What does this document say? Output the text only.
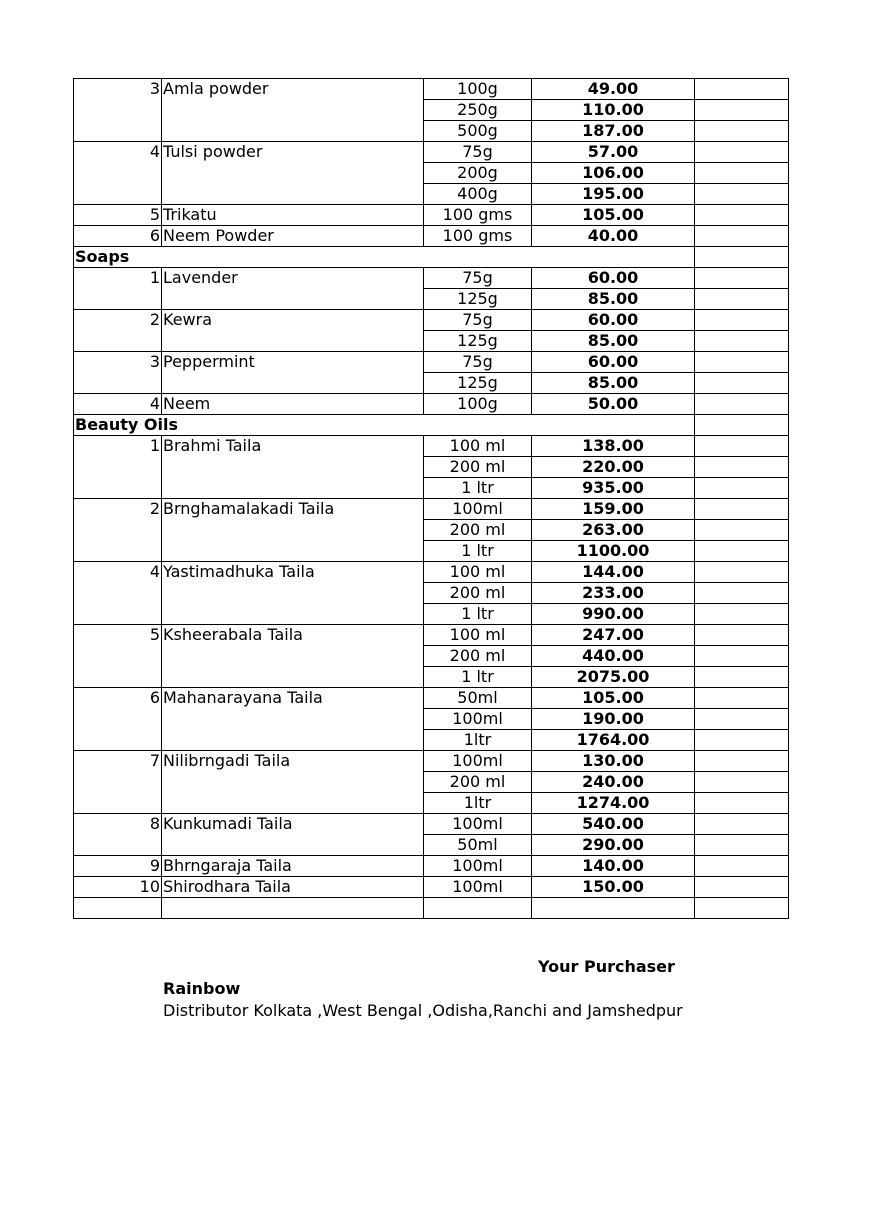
3	Amla powder	100g	49.00	
		250g	110.00	
		500g	187.00	
4	Tulsi powder	75g	57.00	
		200g	106.00	
		400g	195.00	
5	Trikatu	100 gms	105.00	
6	Neem Powder	100 gms	40.00	
Soaps				
1	Lavender	75g	60.00	
		125g	85.00	
2	Kewra	75g	60.00	
		125g	85.00	
3	Peppermint	75g	60.00	
		125g	85.00	
4	Neem	100g	50.00	
Beauty Oils				
1	Brahmi Taila	100 ml	138.00	
		200 ml	220.00	
		1 ltr	935.00	
2	Brnghamalakadi Taila	100ml	159.00	
		200 ml	263.00	
		1 ltr	1100.00	
4	Yastimadhuka Taila	100 ml	144.00	
		200 ml	233.00	
		1 ltr	990.00	
5	Ksheerabala Taila	100 ml	247.00	
		200 ml	440.00	
		1 ltr	2075.00	
6	Mahanarayana Taila	50ml	105.00	
		100ml	190.00	
		1ltr	1764.00	
7	Nilibrngadi Taila	100ml	130.00	
		200 ml	240.00	
		1ltr	1274.00	
8	Kunkumadi Taila	100ml	540.00	
		50ml	290.00	
9	Bhrngaraja Taila	100ml	140.00	
10	Shirodhara Taila	100ml	150.00	

Your Purchaser
Rainbow
Distributor Kolkata ,West Bengal ,Odisha,Ranchi and Jamshedpur
